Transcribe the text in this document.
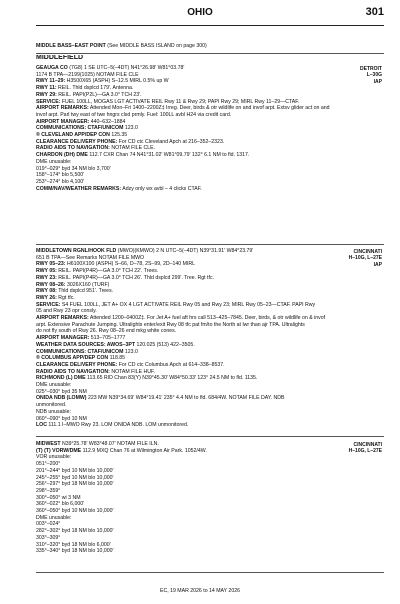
OHIO	301
MIDDLE BASS–EAST POINT (See MIDDLE BASS ISLAND on page 300)
MIDDLEFIELD
DETROIT
L–30G
IAP
GEAUGA CO (7G8) 1 SE UTC–5(–4DT) N41°26.98′ W81°03.78′
1174 B TPA—2199(1025) NOTAM FILE CLE
RWY 11–29: H3500X65 (ASPH) S–12.5 MIRL 0.5% up W
RWY 11: REIL. Thld dsplcd 179′. Antenna.
RWY 29: REIL. PAPI(P2L)—GA 3.0° TCH 23′.
SERVICE: FUEL 100LL, MOGAS LGT ACTIVATE REIL Rwy 11 & Rwy 29; PAPI Rwy 29; MIRL Rwy 11–29—CTAF.
AIRPORT REMARKS: Attended Mon–Fri 1400–2200Z‡ Irreg. Deer, birds & otr wildlife on and invof arpt. Extsv glider act on and
invof arpt. Parl twy east of twe hngrs clsd prmly. Fuel: 100LL avbl H24 via credit card.
AIRPORT MANAGER: 440–632–1884
COMMUNICATIONS: CTAF/UNICOM 123.0
® CLEVELAND APP/DEP CON 125.35
CLEARANCE DELIVERY PHONE: For CD ctc Cleveland Apch at 216–352–2323.
RADIO AIDS TO NAVIGATION: NOTAM FILE CLE.
CHARDON (DH) DME 112.7 CXR Chan 74 N41°31.02′ W81°09.79′ 132° 6.1 NM to fld. 1317.
DME unusable:
019°–029° byd 34 NM blo 3,700′
158°–174° blo 5,500′
253°–274° blo 4,100′
COMM/NAV/WEATHER REMARKS: Adzy only wx avbl – 4 clicks CTAF.
CINCINNATI
H–10G, L–27E
IAP
MIDDLETOWN RGNL/HOOK FLD (MWO)(KMWO) 2 N UTC–5(–4DT) N39°31.91′ W84°23.79′
651 B TPA—See Remarks NOTAM FILE MWO
RWY 05–23: H6100X100 (ASPH) S–66, D–78, 2S–99, 2D–140 MIRL
RWY 05: REIL. PAPI(P4R)—GA 3.0° TCH 22′. Trees.
RWY 23: REIL. PAPI(P4R)—GA 3.0° TCH 26′. Thld dsplcd 299′. Tree. Rgt tfc.
RWY 08–26: 3026X160 (TURF)
RWY 08: Thld dsplcd 951′. Trees.
RWY 26: Rgt tfc.
SERVICE: S4 FUEL 100LL, JET A+ OX 4 LGT ACTIVATE REIL Rwy 05 and Rwy 23; MIRL Rwy 05–23—CTAF. PAPI Rwy
05 and Rwy 23 opr consly.
AIRPORT REMARKS: Attended 1200–0400Z‡. For Jet A+ fuel aft hrs call 513–425–7845. Deer, birds, & otr wildlife on & invof
arpt. Extensive Parachute Jumping. Ultralights enter/exit Rwy 08 tfc pat fm/to the North at lwr than ajr TPA. Ultralights
do not fly south of Rwy 26. Rwy 08–26 end mkg white cones.
AIRPORT MANAGER: 513–705–1777
WEATHER DATA SOURCES: AWOS–3PT 120.025 (513) 422–3505.
COMMUNICATIONS: CTAF/UNICOM 123.0
® COLUMBUS APP/DEP CON 118.85
CLEARANCE DELIVERY PHONE: For CD ctc Columbus Apch at 614–338–8537.
RADIO AIDS TO NAVIGATION: NOTAM FILE HUF.
RICHMOND (L) DME 113.65 RID Chan 83(Y) N39°45.30′ W84°50.33′ 123° 24.5 NM to fld. 1135.
DME unusable:
025°–030° byd 35 NM
ONIDA NDB (LOMW) 223 MW N39°34.69′ W84°19.41′ 235° 4.4 NM to fld. 684/4W. NOTAM FILE DAY. NDB
unmonitored.
NDB unusable:
060°–090° byd 10 NM
LOC 111.1 I–MWO Rwy 23. LOM ONIDA NDB. LOM unmonitored.
CINCINNATI
H–10G, L–27E
MIDWEST N39°25.78′ W83°48.07′ NOTAM FILE ILN.
(T) (T) VORW/DME 112.9 MXQ Chan 76 at Wilmington Air Park. 1052/4W.
VOR unusable:
051°–200°
201°–244° byd 10 NM blo 10,000′
245°–255° byd 10 NM blo 10,000′
256°–297° byd 18 NM blo 10,000′
298°–359°
300°–050° wi 3 NM
360°–022° blo 6,000′
360°–050° byd 10 NM blo 10,000′
DME unusable:
003°–024°
282°–302° byd 18 NM blo 10,000′
303°–309°
310°–320° byd 18 NM blo 6,000′
335°–340° byd 18 NM blo 10,000′
EC, 19 MAR 2026 to 14 MAY 2026
